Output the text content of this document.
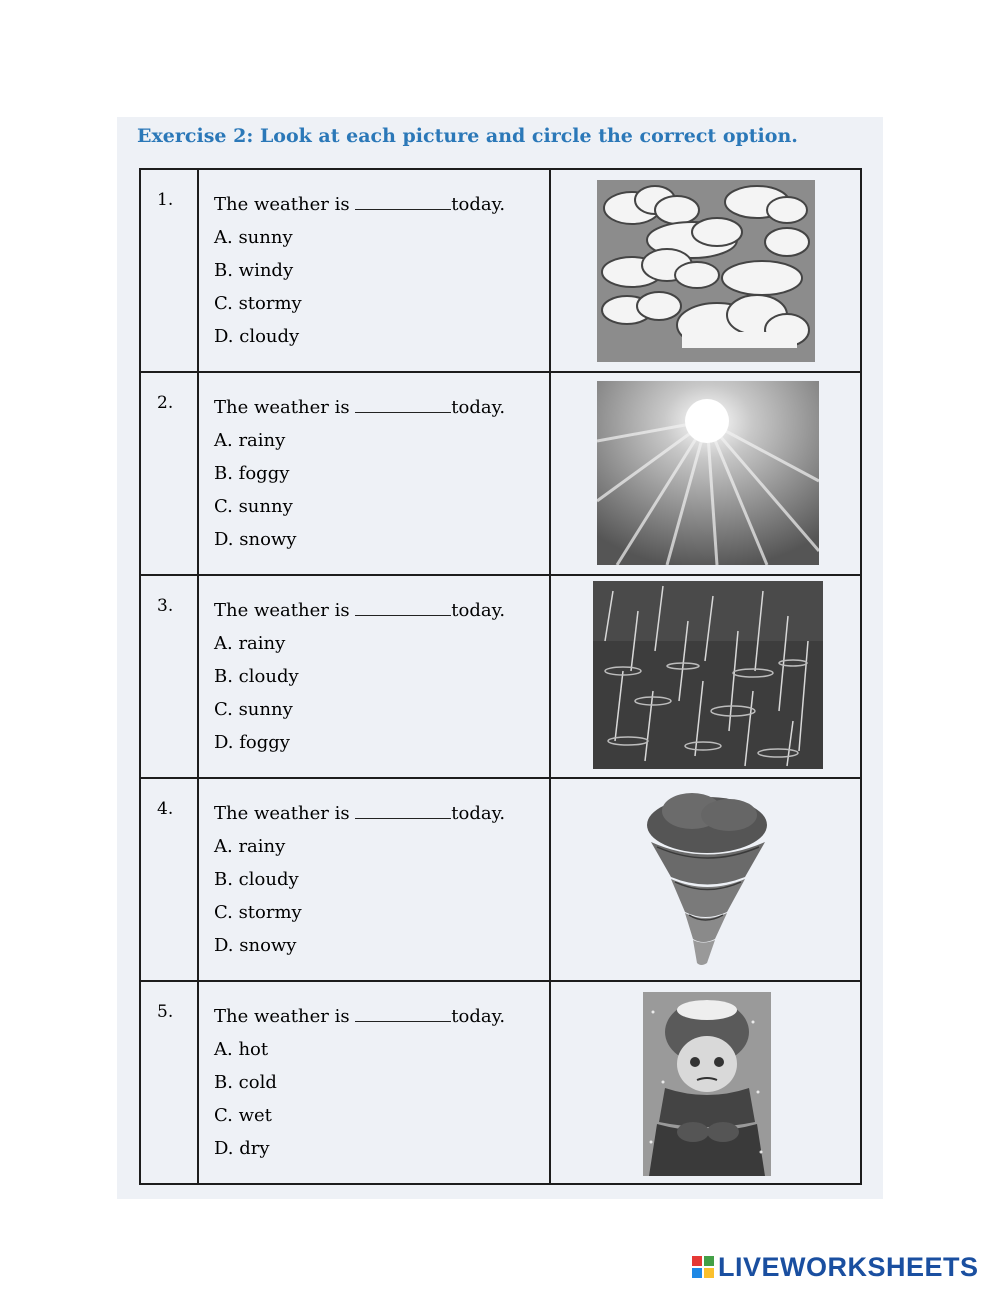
Exercise 2: Look at each picture and circle the correct option.
1.	The weather is today.
A. sunny
B. windy
C. stormy
D. cloudy

2.	The weather is today.
A. rainy
B. foggy
C. sunny
D. snowy

3.	The weather is today.
A. rainy
B. cloudy
C. sunny
D. foggy

4.	The weather is today.
A. rainy
B. cloudy
C. stormy
D. snowy

5.	The weather is today.
A. hot
B. cold
C. wet
D. dry

LIVEWORKSHEETS
